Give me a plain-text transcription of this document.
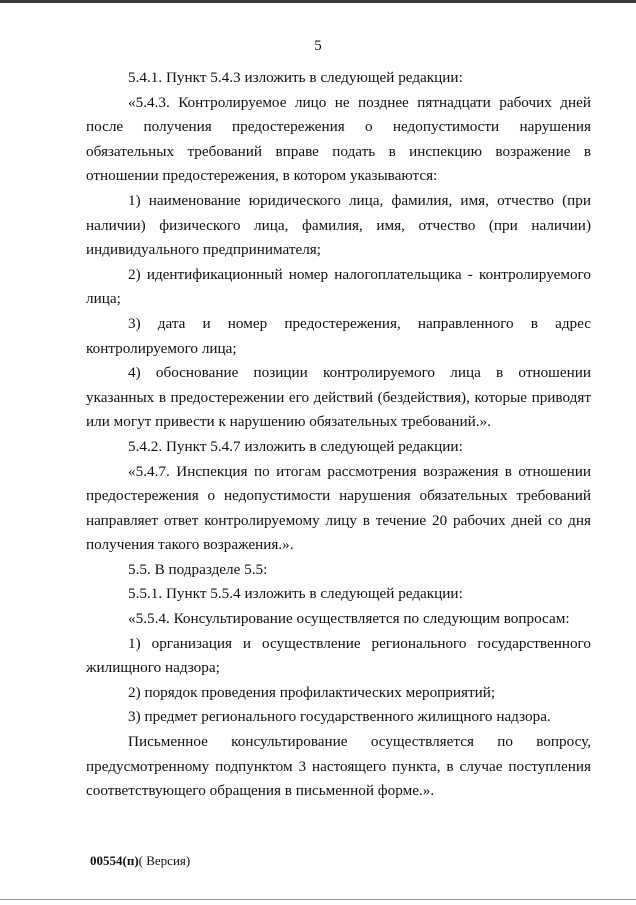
5

5.4.1. Пункт 5.4.3 изложить в следующей редакции:

«5.4.3. Контролируемое лицо не позднее пятнадцати рабочих дней после получения предостережения о недопустимости нарушения обязательных требований вправе подать в инспекцию возражение в отношении предостережения, в котором указываются:

1) наименование юридического лица, фамилия, имя, отчество (при наличии) физического лица, фамилия, имя, отчество (при наличии) индивидуального предпринимателя;

2) идентификационный номер налогоплательщика - контролируемого лица;

3) дата и номер предостережения, направленного в адрес контролируемого лица;

4) обоснование позиции контролируемого лица в отношении указанных в предостережении его действий (бездействия), которые приводят или могут привести к нарушению обязательных требований.».

5.4.2. Пункт 5.4.7 изложить в следующей редакции:

«5.4.7. Инспекция по итогам рассмотрения возражения в отношении предостережения о недопустимости нарушения обязательных требований направляет ответ контролируемому лицу в течение 20 рабочих дней со дня получения такого возражения.».

5.5. В подразделе 5.5:

5.5.1. Пункт 5.5.4 изложить в следующей редакции:

«5.5.4. Консультирование осуществляется по следующим вопросам:

1) организация и осуществление регионального государственного жилищного надзора;

2) порядок проведения профилактических мероприятий;

3) предмет регионального государственного жилищного надзора.

Письменное консультирование осуществляется по вопросу, предусмотренному подпунктом 3 настоящего пункта, в случае поступления соответствующего обращения в письменной форме.».

00554(п)( Версия)
